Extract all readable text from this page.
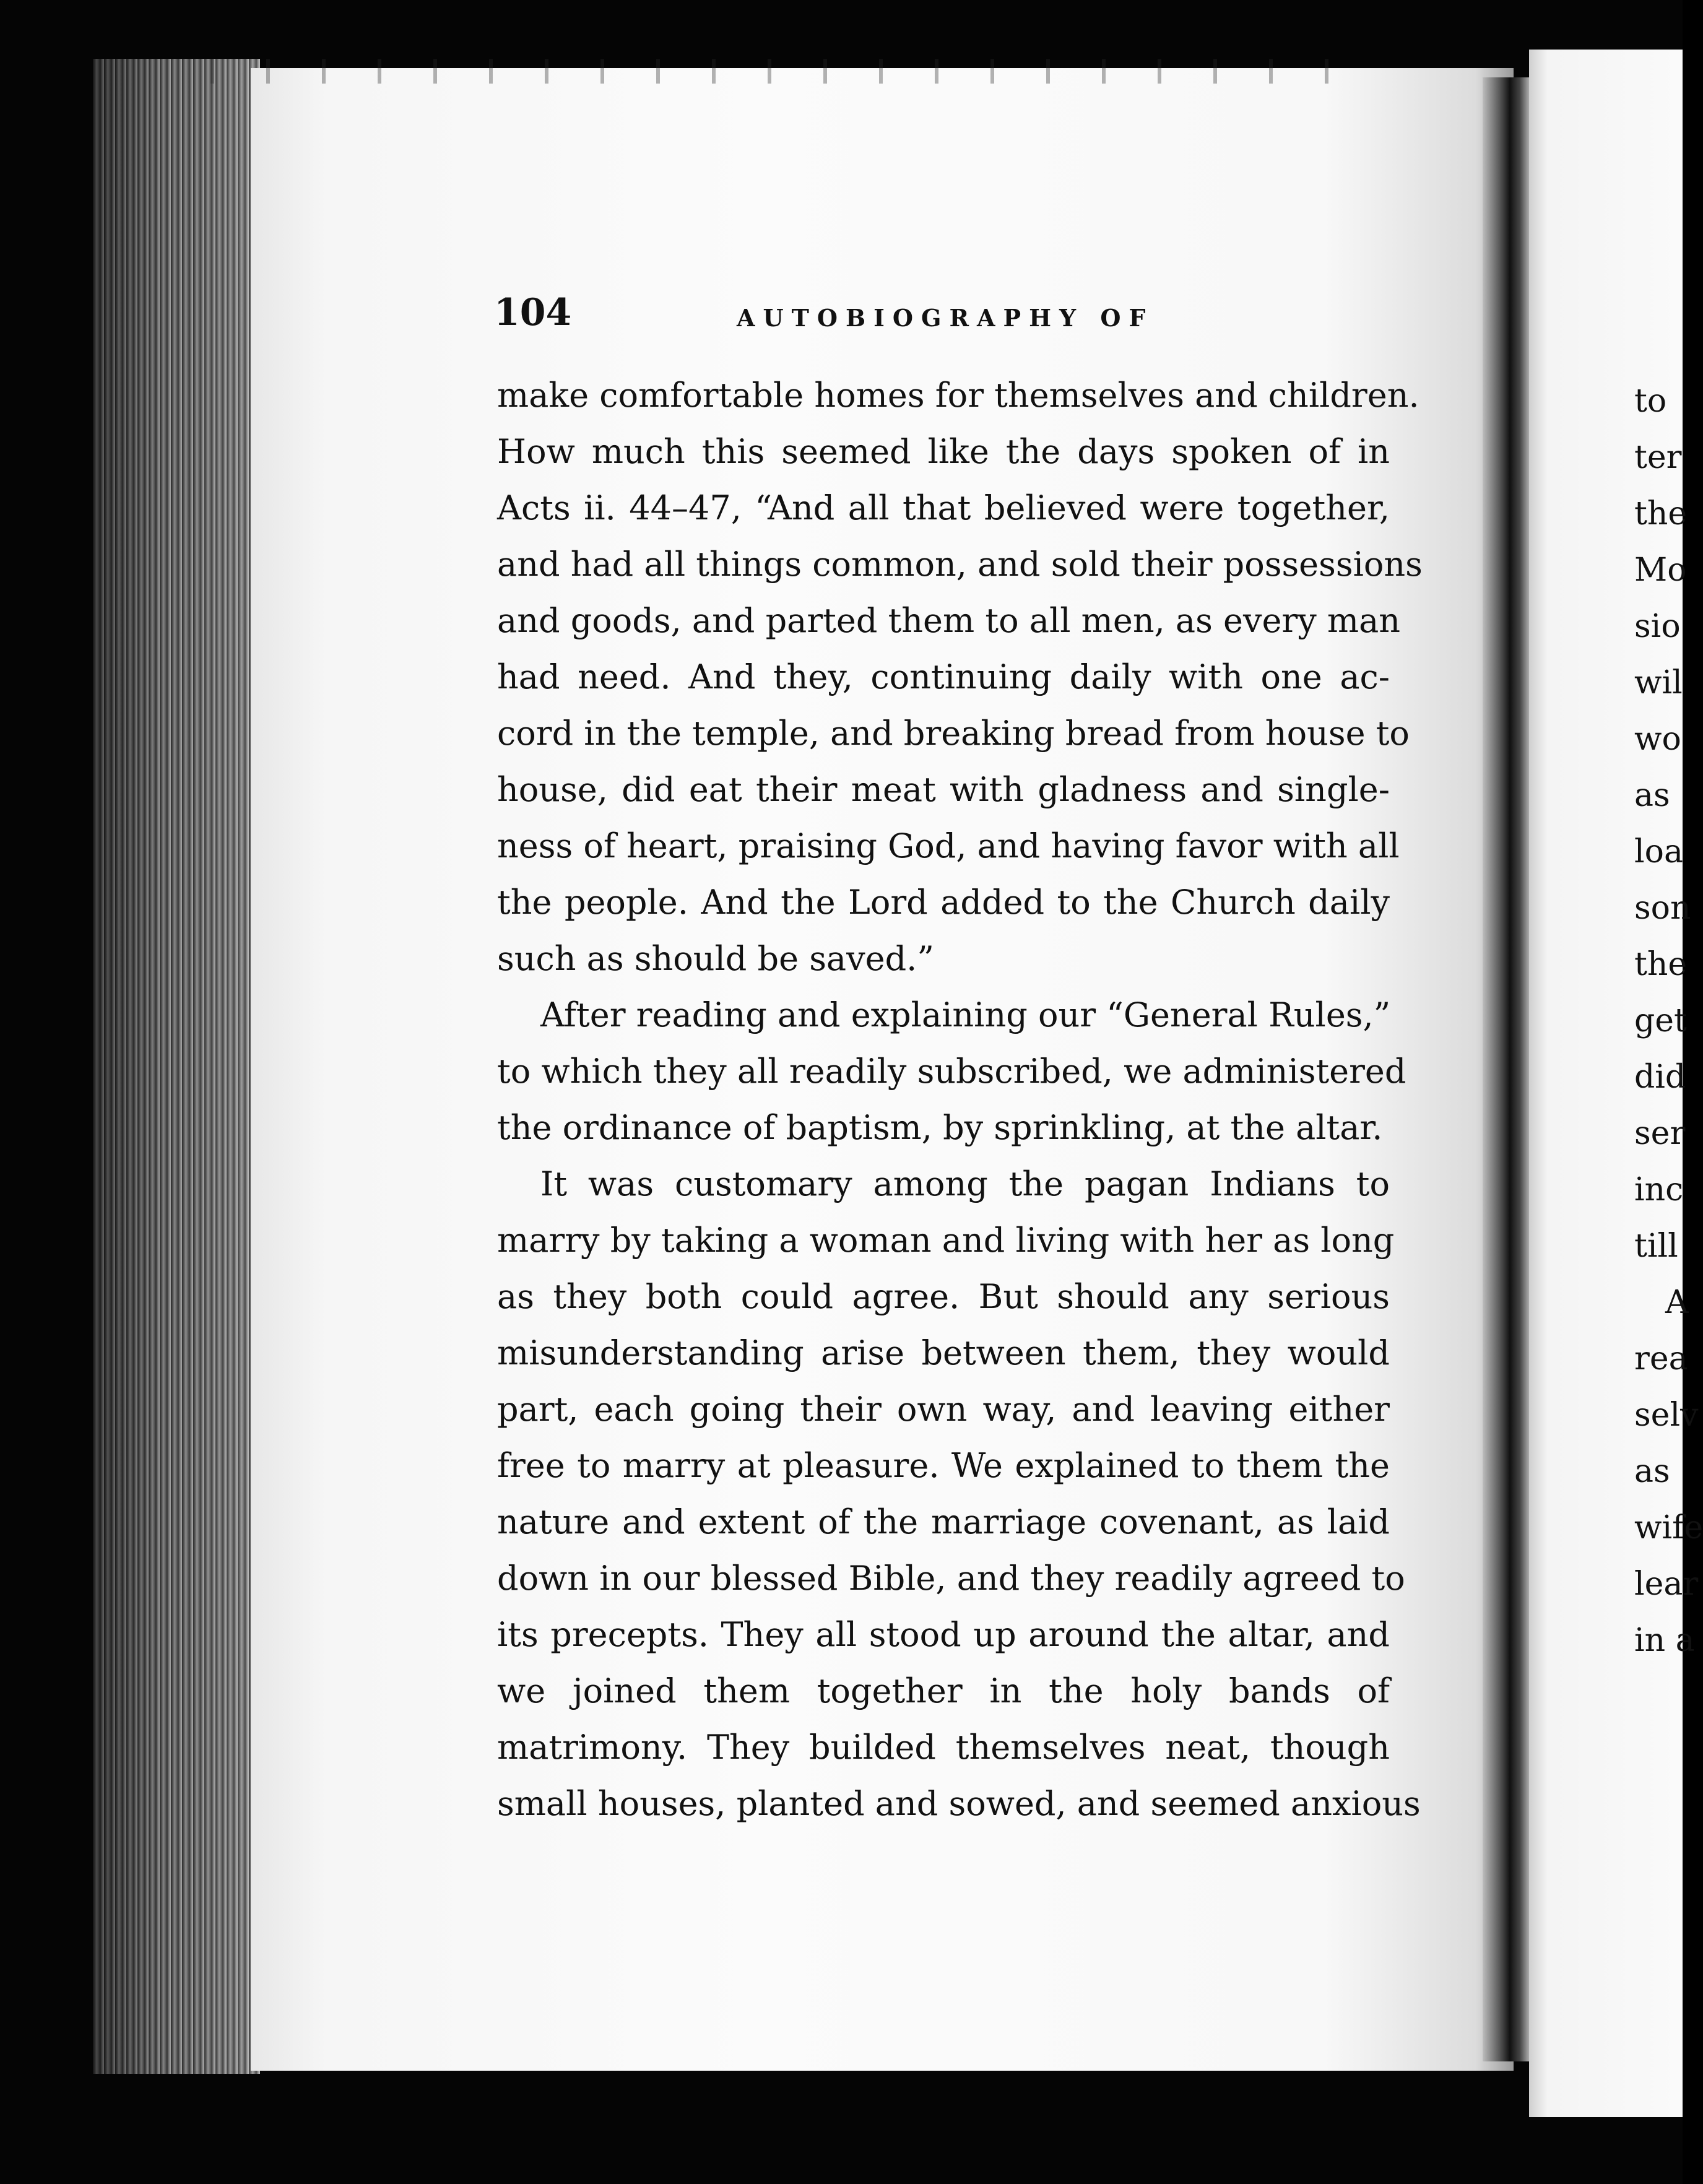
104	AUTOBIOGRAPHY OF
make comfortable homes for themselves and children.
How much this seemed like the days spoken of in
Acts ii. 44–47, “And all that believed were together,
and had all things common, and sold their possessions
and goods, and parted them to all men, as every man
had need. And they, continuing daily with one ac-
cord in the temple, and breaking bread from house to
house, did eat their meat with gladness and single-
ness of heart, praising God, and having favor with all
the people. And the Lord added to the Church daily
such as should be saved.”
After reading and explaining our “General Rules,”
to which they all readily subscribed, we administered
the ordinance of baptism, by sprinkling, at the altar.
It was customary among the pagan Indians to
marry by taking a woman and living with her as long
as they both could agree. But should any serious
misunderstanding arise between them, they would
part, each going their own way, and leaving either
free to marry at pleasure. We explained to them the
nature and extent of the marriage covenant, as laid
down in our blessed Bible, and they readily agreed to
its precepts. They all stood up around the altar, and
we joined them together in the holy bands of
matrimony. They builded themselves neat, though
small houses, planted and sowed, and seemed anxious
to
ter
the
Mo
sio
wil
wo
as
loa
son
the
get
did
ser
inc
till
A
rea
selv
as
wife
lear
in a
